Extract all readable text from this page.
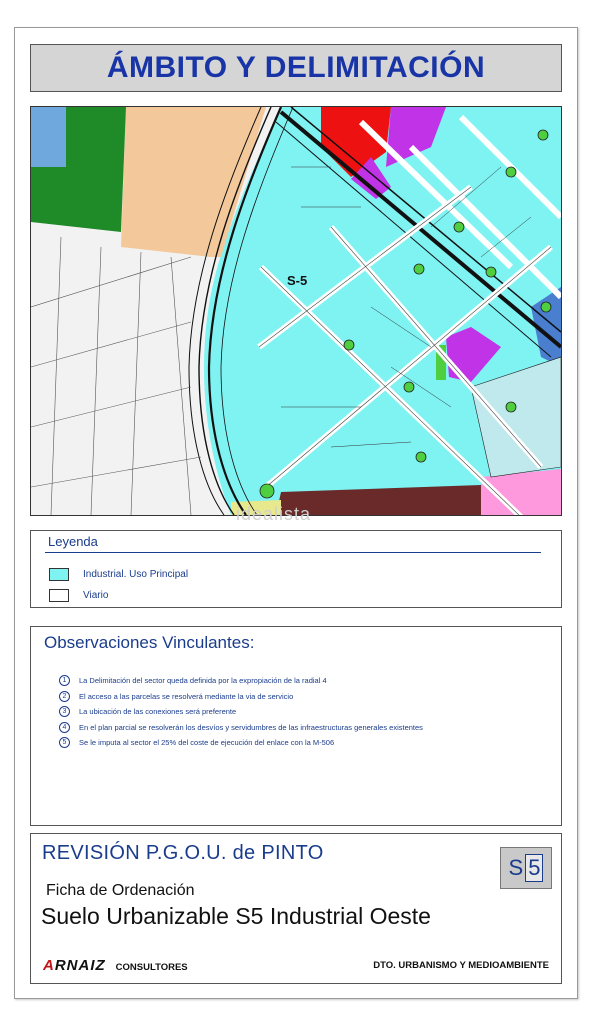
ÁMBITO Y DELIMITACIÓN
S-5
idealista
Leyenda
Industrial. Uso Principal
Viario
Observaciones Vinculantes:
1	La Delimitación del sector queda definida por la expropiación de la radial 4
2	El acceso a las parcelas se resolverá mediante la via de servicio
3	La ubicación de las conexiones será preferente
4	En el plan parcial se resolverán los desvíos y servidumbres de las infraestructuras generales existentes
5	Se le imputa al sector el 25% del coste de ejecución del enlace con la M-506
REVISIÓN P.G.O.U. de PINTO
S 5
Ficha de Ordenación
Suelo Urbanizable S5 Industrial Oeste
ARNAIZ CONSULTORES	DTO. URBANISMO Y MEDIOAMBIENTE
